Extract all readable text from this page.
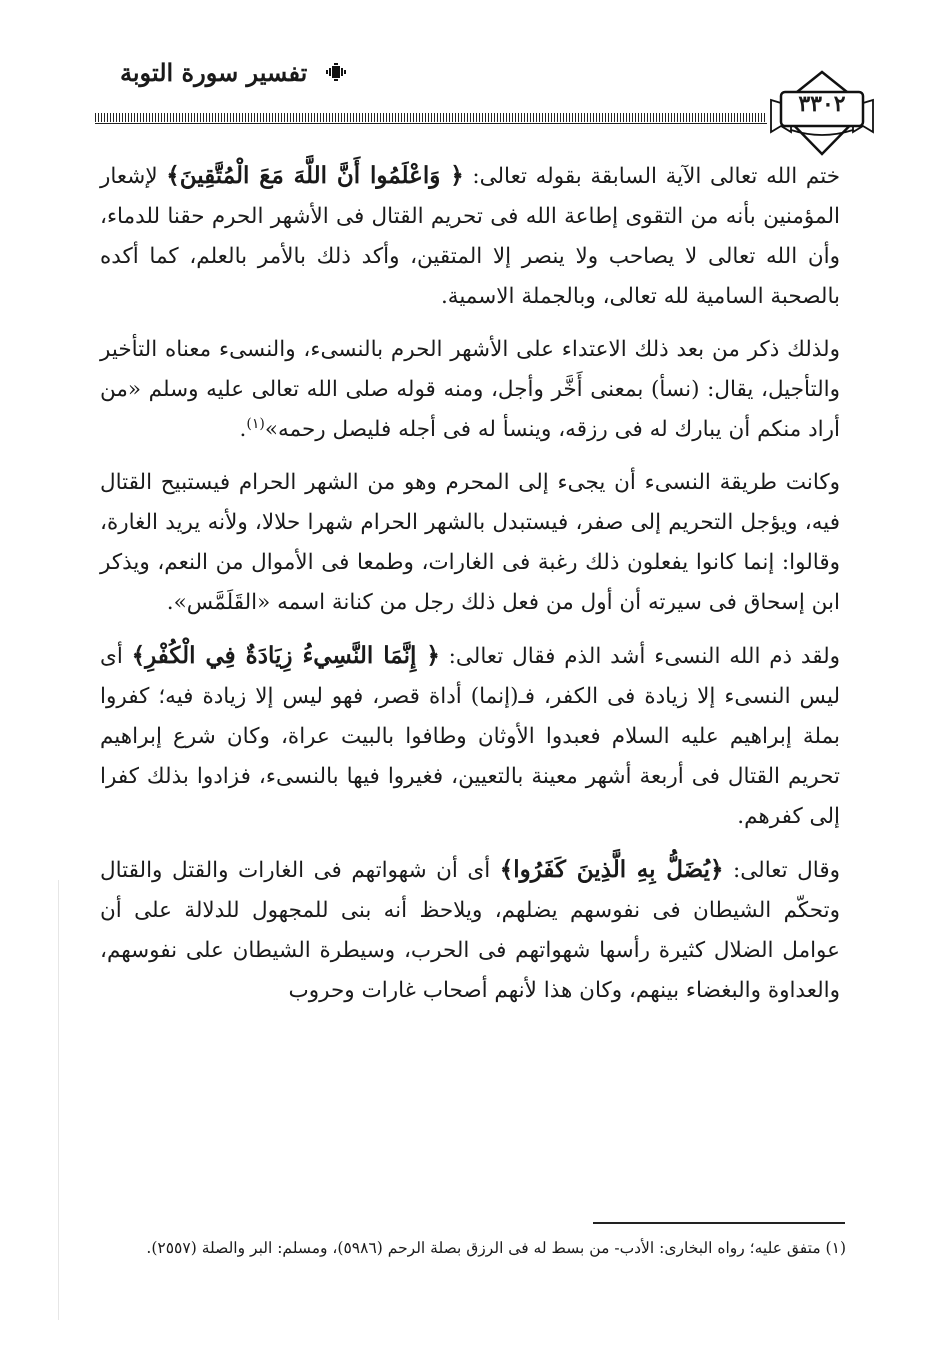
تفسير سورة التوبة
٣٣٠٢

ختم الله تعالى الآية السابقة بقوله تعالى: ﴿ وَاعْلَمُوا أَنَّ اللَّهَ مَعَ الْمُتَّقِينَ﴾ لإشعار المؤمنين بأنه من التقوى إطاعة الله فى تحريم القتال فى الأشهر الحرم حقنا للدماء، وأن الله تعالى لا يصاحب ولا ينصر إلا المتقين، وأكد ذلك بالأمر بالعلم، كما أكده بالصحبة السامية لله تعالى، وبالجملة الاسمية.

ولذلك ذكر من بعد ذلك الاعتداء على الأشهر الحرم بالنسىء، والنسىء معناه التأخير والتأجيل، يقال: (نسأ) بمعنى أَخَّر وأجل، ومنه قوله صلى الله تعالى عليه وسلم «من أراد منكم أن يبارك له فى رزقه، وينسأ له فى أجله فليصل رحمه»$^{(١)}$.

وكانت طريقة النسىء أن يجىء إلى المحرم وهو من الشهر الحرام فيستبيح القتال فيه، ويؤجل التحريم إلى صفر، فيستبدل بالشهر الحرام شهرا حلالا، ولأنه يريد الغارة، وقالوا: إنما كانوا يفعلون ذلك رغبة فى الغارات، وطمعا فى الأموال من النعم، ويذكر ابن إسحاق فى سيرته أن أول من فعل ذلك رجل من كنانة اسمه «القَلَمَّس».

ولقد ذم الله النسىء أشد الذم فقال تعالى: ﴿ إِنَّمَا النَّسِيءُ زِيَادَةٌ فِي الْكُفْرِ﴾ أى ليس النسىء إلا زيادة فى الكفر، فـ(إنما) أداة قصر، فهو ليس إلا زيادة فيه؛ كفروا بملة إبراهيم عليه السلام فعبدوا الأوثان وطافوا بالبيت عراة، وكان شرع إبراهيم تحريم القتال فى أربعة أشهر معينة بالتعيين، فغيروا فيها بالنسىء، فزادوا بذلك كفرا إلى كفرهم.

وقال تعالى: ﴿يُضَلُّ بِهِ الَّذِينَ كَفَرُوا﴾ أى أن شهواتهم فى الغارات والقتل والقتال وتحكّم الشيطان فى نفوسهم يضلهم، ويلاحظ أنه بنى للمجهول للدلالة على أن عوامل الضلال كثيرة رأسها شهواتهم فى الحرب، وسيطرة الشيطان على نفوسهم، والعداوة والبغضاء بينهم، وكان هذا لأنهم أصحاب غارات وحروب

(١) متفق عليه؛ رواه البخارى: الأدب- من بسط له فى الرزق بصلة الرحم (٥٩٨٦)، ومسلم: البر والصلة (٢٥٥٧).
